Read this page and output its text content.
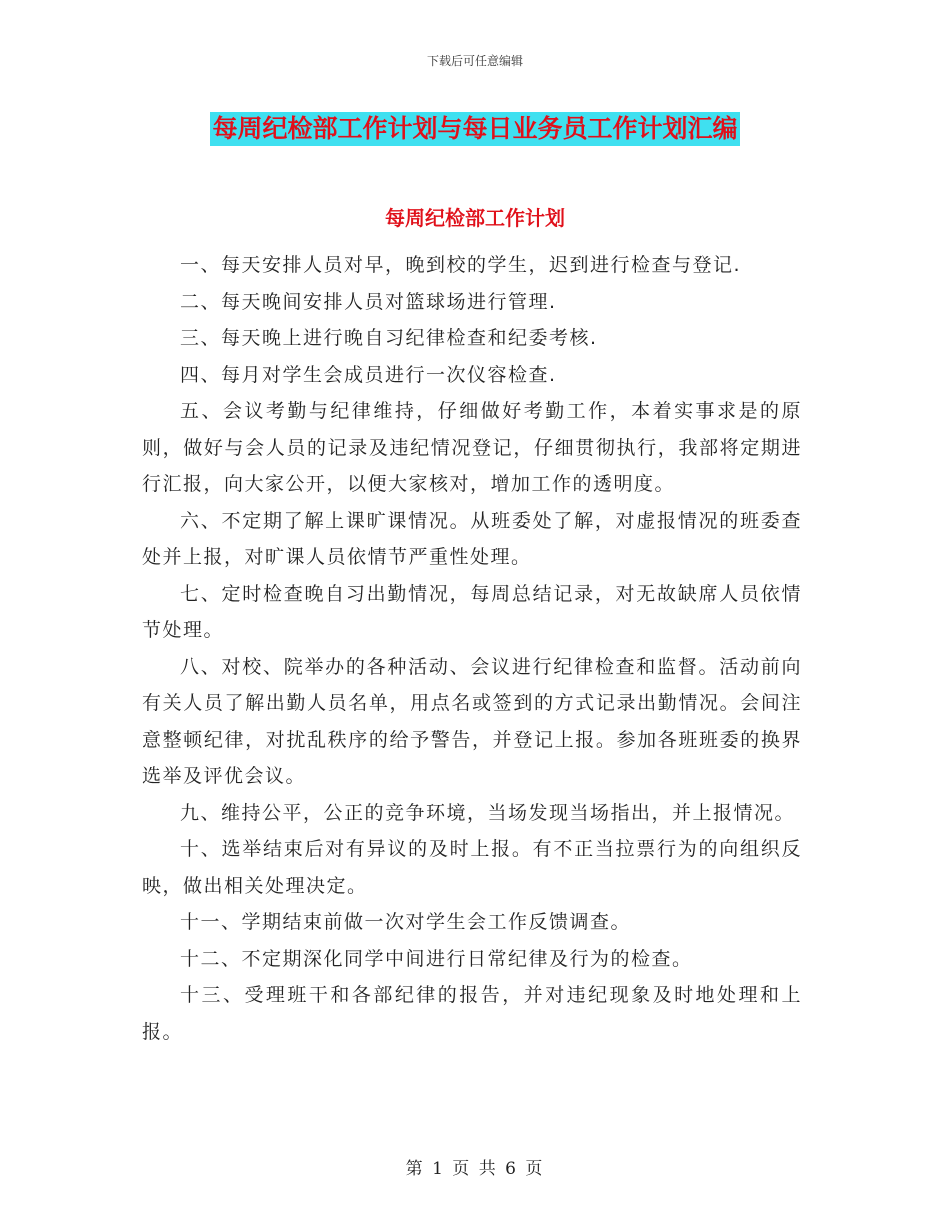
下载后可任意编辑
每周纪检部工作计划与每日业务员工作计划汇编
每周纪检部工作计划

一、每天安排人员对早，晚到校的学生，迟到进行检查与登记.

二、每天晚间安排人员对篮球场进行管理.

三、每天晚上进行晚自习纪律检查和纪委考核.

四、每月对学生会成员进行一次仪容检查.

五、会议考勤与纪律维持，仔细做好考勤工作，本着实事求是的原则，做好与会人员的记录及违纪情况登记，仔细贯彻执行，我部将定期进行汇报，向大家公开，以便大家核对，增加工作的透明度。

六、不定期了解上课旷课情况。从班委处了解，对虚报情况的班委查处并上报，对旷课人员依情节严重性处理。

七、定时检查晚自习出勤情况，每周总结记录，对无故缺席人员依情节处理。

八、对校、院举办的各种活动、会议进行纪律检查和监督。活动前向有关人员了解出勤人员名单，用点名或签到的方式记录出勤情况。会间注意整顿纪律，对扰乱秩序的给予警告，并登记上报。参加各班班委的换界选举及评优会议。

九、维持公平，公正的竞争环境，当场发现当场指出，并上报情况。

十、选举结束后对有异议的及时上报。有不正当拉票行为的向组织反映，做出相关处理决定。

十一、学期结束前做一次对学生会工作反馈调查。

十二、不定期深化同学中间进行日常纪律及行为的检查。

十三、受理班干和各部纪律的报告，并对违纪现象及时地处理和上报。

第 1 页 共 6 页
